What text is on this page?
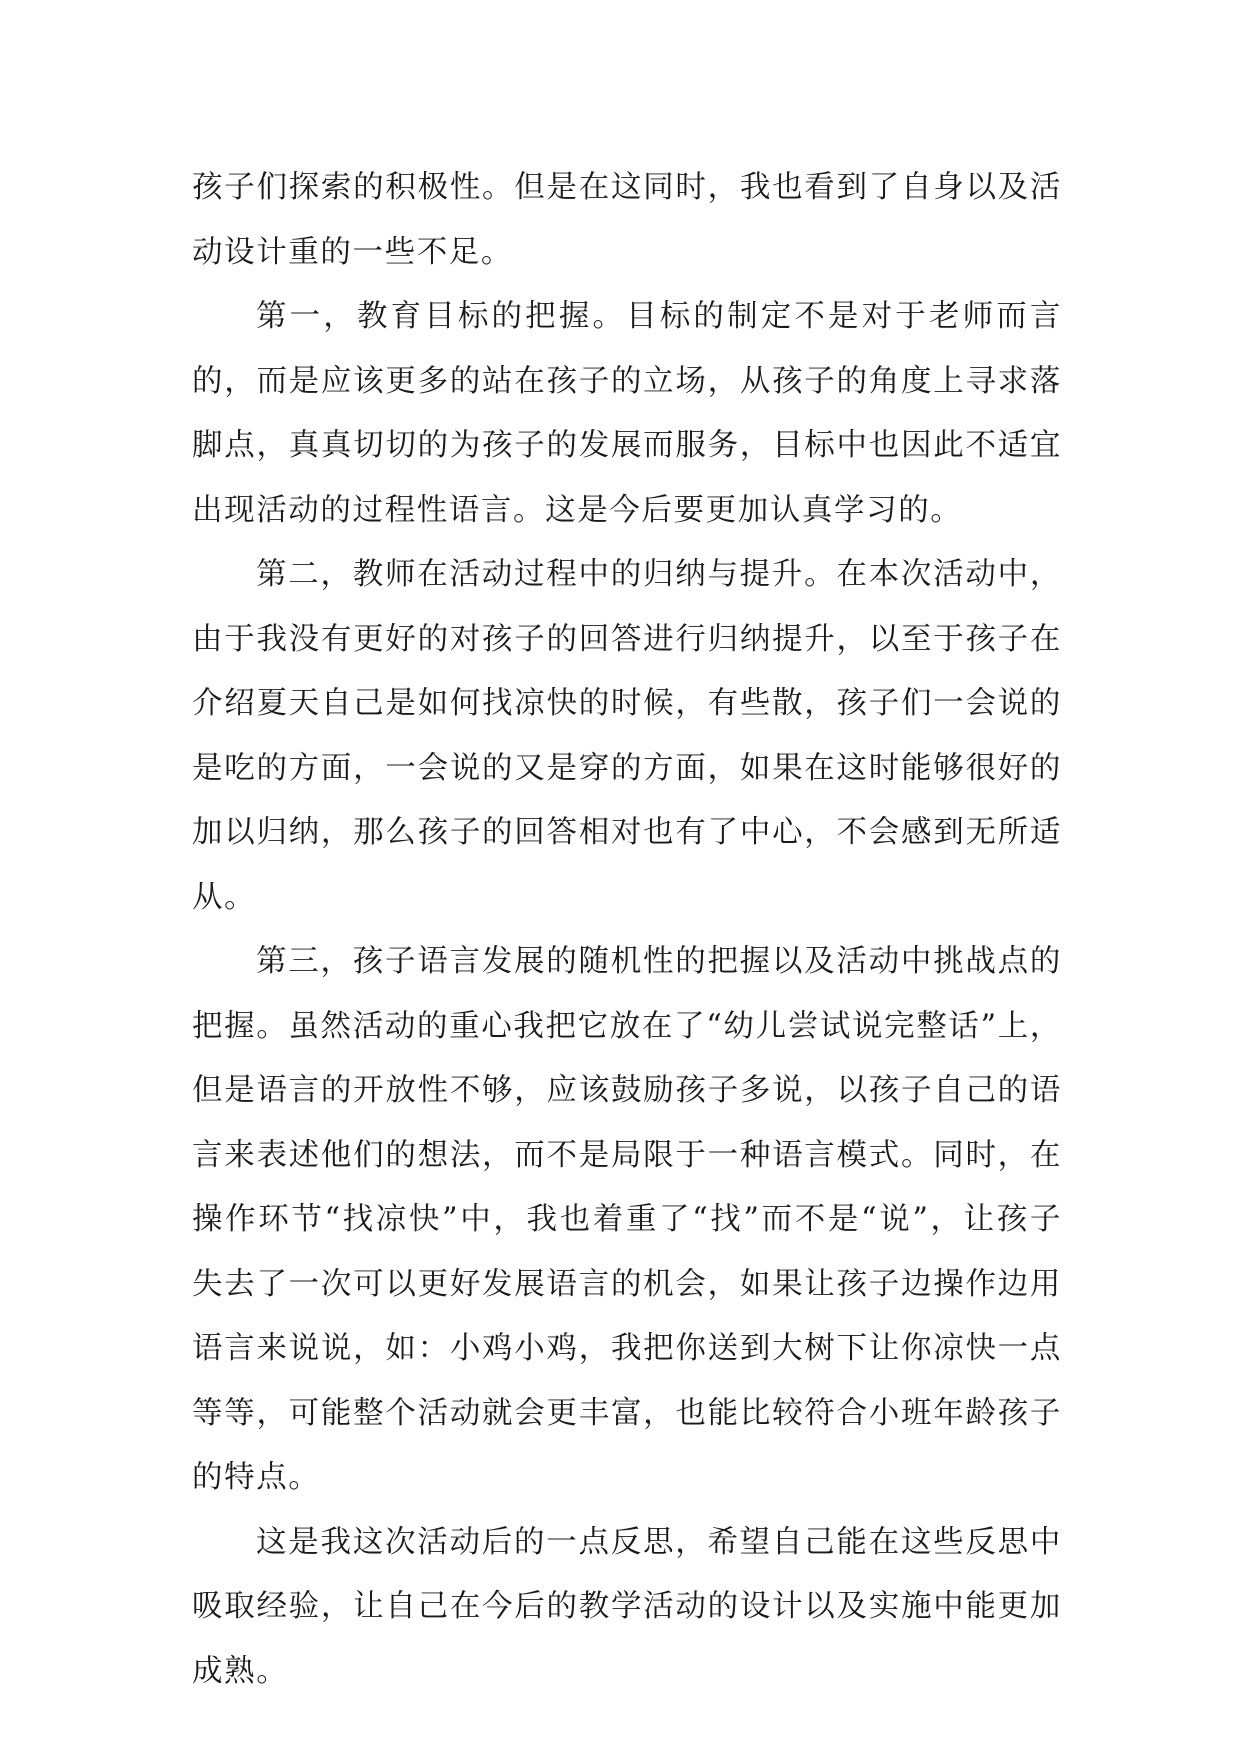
孩子们探索的积极性。但是在这同时，我也看到了自身以及活动设计重的一些不足。

第一，教育目标的把握。目标的制定不是对于老师而言的，而是应该更多的站在孩子的立场，从孩子的角度上寻求落脚点，真真切切的为孩子的发展而服务，目标中也因此不适宜出现活动的过程性语言。这是今后要更加认真学习的。

第二，教师在活动过程中的归纳与提升。在本次活动中，由于我没有更好的对孩子的回答进行归纳提升，以至于孩子在介绍夏天自己是如何找凉快的时候，有些散，孩子们一会说的是吃的方面，一会说的又是穿的方面，如果在这时能够很好的加以归纳，那么孩子的回答相对也有了中心，不会感到无所适从。

第三，孩子语言发展的随机性的把握以及活动中挑战点的把握。虽然活动的重心我把它放在了“幼儿尝试说完整话”上，但是语言的开放性不够，应该鼓励孩子多说，以孩子自己的语言来表述他们的想法，而不是局限于一种语言模式。同时，在操作环节“找凉快”中，我也着重了“找”而不是“说”，让孩子失去了一次可以更好发展语言的机会，如果让孩子边操作边用语言来说说，如：小鸡小鸡，我把你送到大树下让你凉快一点等等，可能整个活动就会更丰富，也能比较符合小班年龄孩子的特点。

这是我这次活动后的一点反思，希望自己能在这些反思中吸取经验，让自己在今后的教学活动的设计以及实施中能更加成熟。
